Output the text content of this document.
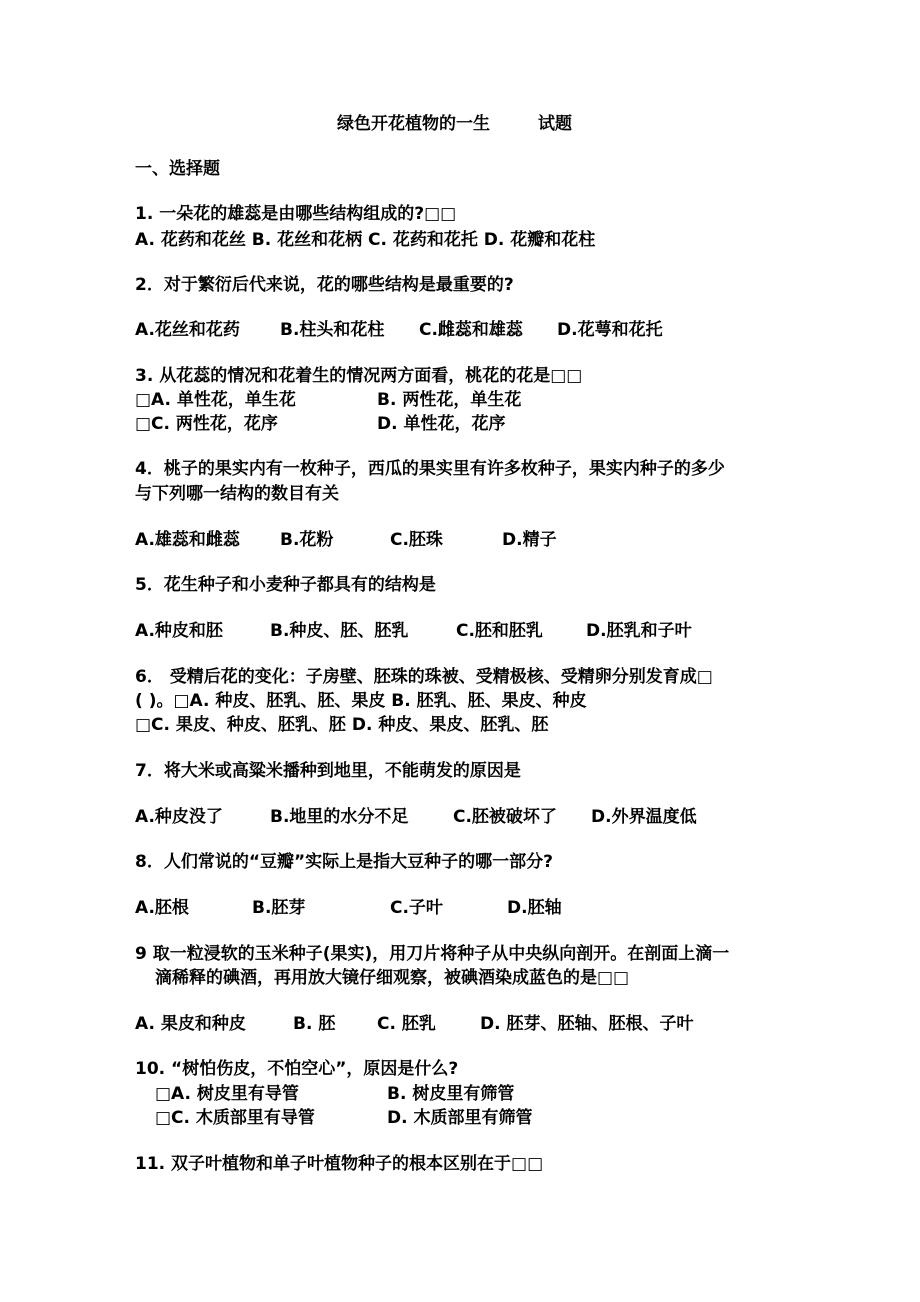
绿色开花植物的一生	试题
一、选择题
1. 一朵花的雄蕊是由哪些结构组成的?□□
A. 花药和花丝 B. 花丝和花柄 C. 花药和花托 D. 花瓣和花柱
2．对于繁衍后代来说，花的哪些结构是最重要的?
A.花丝和花药 B.柱头和花柱 C.雌蕊和雄蕊 D.花萼和花托
3. 从花蕊的情况和花着生的情况两方面看，桃花的花是□□
□A. 单性花，单生花	B. 两性花，单生花
□C. 两性花，花序	D. 单性花，花序
4．桃子的果实内有一枚种子，西瓜的果实里有许多枚种子，果实内种子的多少
与下列哪一结构的数目有关
A.雄蕊和雌蕊 B.花粉	C.胚珠	D.精子
5．花生种子和小麦种子都具有的结构是
A.种皮和胚	B.种皮、胚、胚乳	C.胚和胚乳	D.胚乳和子叶
6． 受精后花的变化：子房壁、胚珠的珠被、受精极核、受精卵分别发育成□
( )。□A. 种皮、胚乳、胚、果皮 B. 胚乳、胚、果皮、种皮
□C. 果皮、种皮、胚乳、胚 D. 种皮、果皮、胚乳、胚
7．将大米或高粱米播种到地里，不能萌发的原因是
A.种皮没了	B.地里的水分不足	C.胚被破坏了 D.外界温度低
8．人们常说的“豆瓣”实际上是指大豆种子的哪一部分?
A.胚根	B.胚芽	C.子叶	D.胚轴
9 取一粒浸软的玉米种子(果实)，用刀片将种子从中央纵向剖开。在剖面上滴一
滴稀释的碘酒，再用放大镜仔细观察，被碘酒染成蓝色的是□□
A. 果皮和种皮	B. 胚 C. 胚乳	D. 胚芽、胚轴、胚根、子叶
10. “树怕伤皮，不怕空心”，原因是什么?
□A. 树皮里有导管	B. 树皮里有筛管
□C. 木质部里有导管	D. 木质部里有筛管
11. 双子叶植物和单子叶植物种子的根本区别在于□□
